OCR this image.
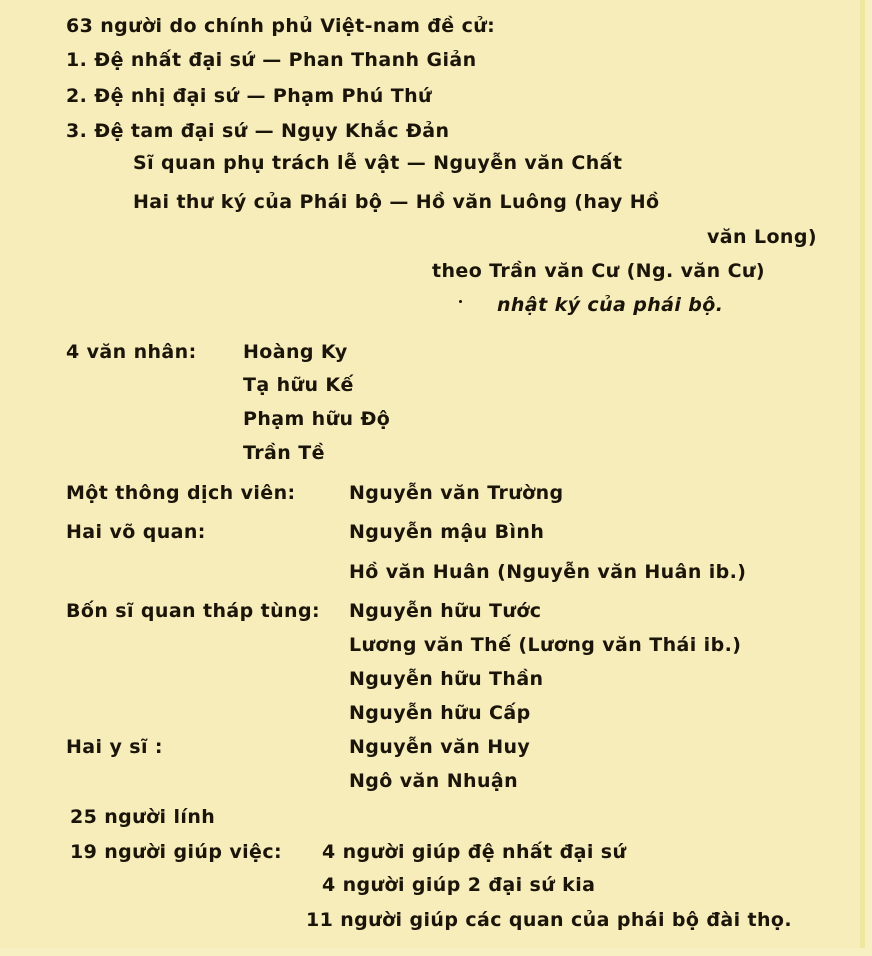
63 người do chính phủ Việt-nam đề cử:
1. Đệ nhất đại sứ — Phan Thanh Giản
2. Đệ nhị đại sứ — Phạm Phú Thứ
3. Đệ tam đại sứ — Ngụy Khắc Đản
Sĩ quan phụ trách lễ vật — Nguyễn văn Chất
Hai thư ký của Phái bộ — Hồ văn Luông (hay Hồ
văn Long)
theo Trần văn Cư (Ng. văn Cư)
nhật ký của phái bộ.
4 văn nhân: Hoàng Ky
Tạ hữu Kế
Phạm hữu Độ
Trần Tề
Một thông dịch viên:	Nguyễn văn Trường
Hai võ quan:	Nguyễn mậu Bình
Hồ văn Huân (Nguyễn văn Huân ib.)
Bốn sĩ quan tháp tùng: Nguyễn hữu Tước
Lương văn Thế (Lương văn Thái ib.)
Nguyễn hữu Thần
Nguyễn hữu Cấp
Hai y sĩ :	Nguyễn văn Huy
Ngô văn Nhuận
25 người lính
19 người giúp việc: 4 người giúp đệ nhất đại sứ
4 người giúp 2 đại sứ kia
11 người giúp các quan của phái bộ đài thọ.
